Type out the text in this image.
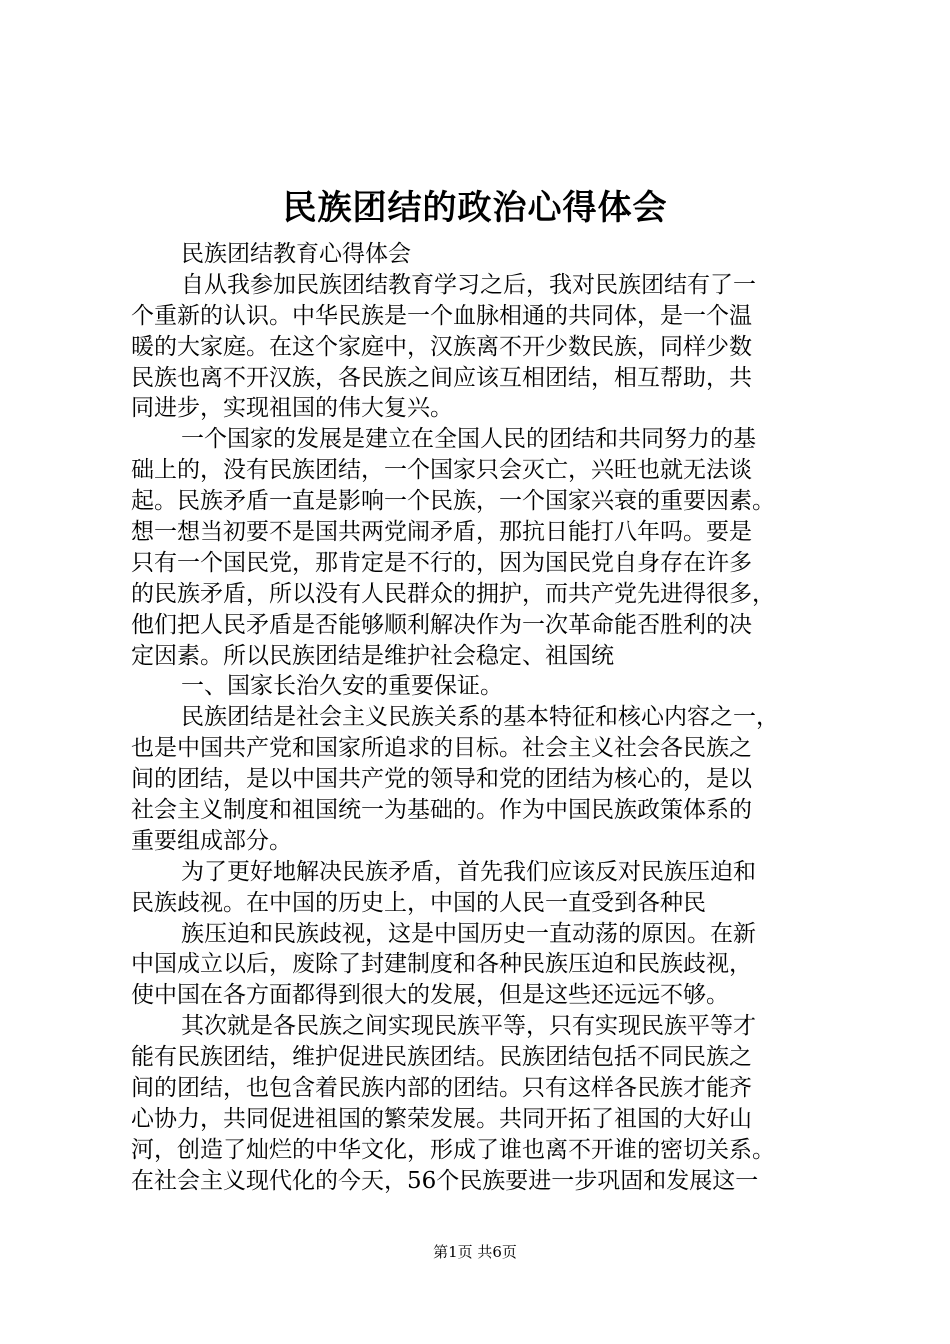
民族团结的政治心得体会
民族团结教育心得体会
自从我参加民族团结教育学习之后，我对民族团结有了一
个重新的认识。中华民族是一个血脉相通的共同体，是一个温
暖的大家庭。在这个家庭中，汉族离不开少数民族，同样少数
民族也离不开汉族，各民族之间应该互相团结，相互帮助，共
同进步，实现祖国的伟大复兴。
一个国家的发展是建立在全国人民的团结和共同努力的基
础上的，没有民族团结，一个国家只会灭亡，兴旺也就无法谈
起。民族矛盾一直是影响一个民族，一个国家兴衰的重要因素。
想一想当初要不是国共两党闹矛盾，那抗日能打八年吗。要是
只有一个国民党，那肯定是不行的，因为国民党自身存在许多
的民族矛盾，所以没有人民群众的拥护，而共产党先进得很多，
他们把人民矛盾是否能够顺利解决作为一次革命能否胜利的决
定因素。所以民族团结是维护社会稳定、祖国统
一、国家长治久安的重要保证。
民族团结是社会主义民族关系的基本特征和核心内容之一，
也是中国共产党和国家所追求的目标。社会主义社会各民族之
间的团结，是以中国共产党的领导和党的团结为核心的，是以
社会主义制度和祖国统一为基础的。作为中国民族政策体系的
重要组成部分。
为了更好地解决民族矛盾，首先我们应该反对民族压迫和
民族歧视。在中国的历史上，中国的人民一直受到各种民
族压迫和民族歧视，这是中国历史一直动荡的原因。在新
中国成立以后，废除了封建制度和各种民族压迫和民族歧视，
使中国在各方面都得到很大的发展，但是这些还远远不够。
其次就是各民族之间实现民族平等，只有实现民族平等才
能有民族团结，维护促进民族团结。民族团结包括不同民族之
间的团结，也包含着民族内部的团结。只有这样各民族才能齐
心协力，共同促进祖国的繁荣发展。共同开拓了祖国的大好山
河，创造了灿烂的中华文化，形成了谁也离不开谁的密切关系。
在社会主义现代化的今天，56个民族要进一步巩固和发展这一
第1页 共6页
